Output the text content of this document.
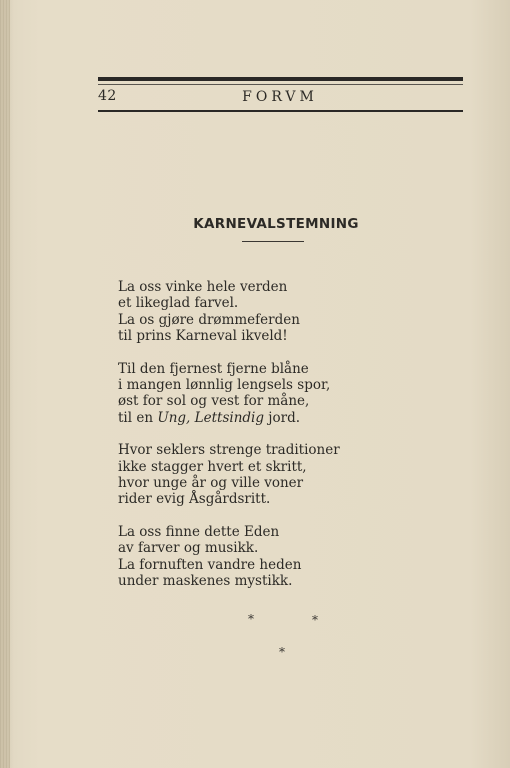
42	FORVM
KARNEVALSTEMNING
La oss vinke hele verden
et likeglad farvel.
La os gjøre drømmeferden
til prins Karneval ikveld!
Til den fjernest fjerne blåne
i mangen lønnlig lengsels spor,
øst for sol og vest for måne,
til en Ung, Lettsindig jord.
Hvor seklers strenge traditioner
ikke stagger hvert et skritt,
hvor unge år og ville voner
rider evig Åsgårdsritt.
La oss finne dette Eden
av farver og musikk.
La fornuften vandre heden
under maskenes mystikk.
*	*
*
